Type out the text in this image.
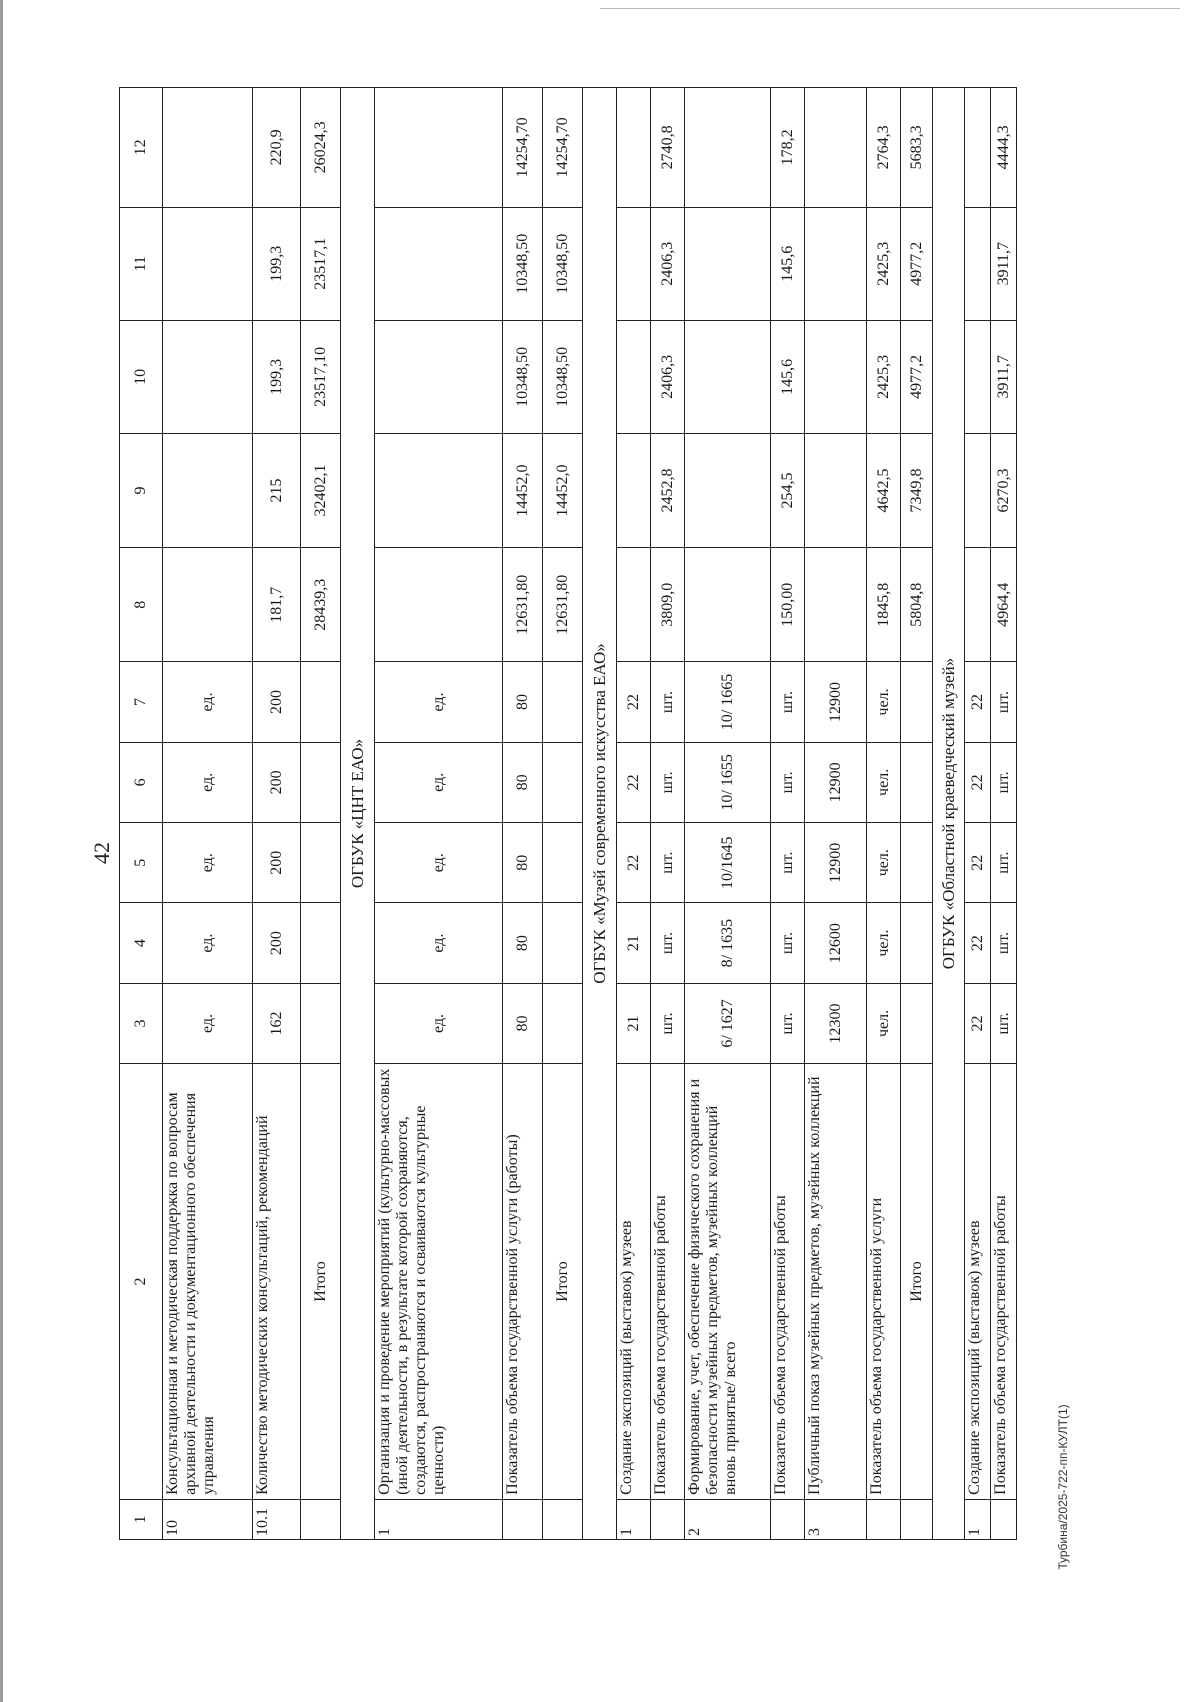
42
Турбина/2025-722-пп-КУЛТ(1)
1	2	3	4	5	6	7	8	9	10	11	12
10	Консультационная и методическая поддержка по вопросам архивной деятельности и документационного обеспечения управления	ед.	ед.	ед.	ед.	ед.					
10.1	Количество методических консультаций, рекомендаций	162	200	200	200	200	181,7	215	199,3	199,3	220,9
	Итого						28439,3	32402,1	23517,10	23517,1	26024,3
ОГБУК «ЦНТ ЕАО»											
1	Организация и проведение мероприятий (культурно-массовых (иной деятельности, в результате которой сохраняются, создаются, распространяются и осваиваются культурные ценности)	ед.	ед.	ед.	ед.	ед.					
	Показатель объема государственной услуги (работы)	80	80	80	80	80	12631,80	14452,0	10348,50	10348,50	14254,70
	Итого						12631,80	14452,0	10348,50	10348,50	14254,70
ОГБУК «Музей современного искусства ЕАО»											
1	Создание экспозиций (выставок) музеев	21	21	22	22	22					
	Показатель объема государственной работы	шт.	шт.	шт.	шт.	шт.	3809,0	2452,8	2406,3	2406,3	2740,8
2	Формирование, учет, обеспечение физического сохранения и безопасности музейных предметов, музейных коллекций вновь принятые/ всего	6/ 1627	8/ 1635	10/1645	10/ 1655	10/ 1665					
	Показатель объема государственной работы	шт.	шт.	шт.	шт.	шт.	150,00	254,5	145,6	145,6	178,2
3	Публичный показ музейных предметов, музейных коллекций	12300	12600	12900	12900	12900					
	Показатель объема государственной услуги	чел.	чел.	чел.	чел.	чел.	1845,8	4642,5	2425,3	2425,3	2764,3
	Итого						5804,8	7349,8	4977,2	4977,2	5683,3
ОГБУК «Областной краеведческий музей»											
1	Создание экспозиций (выставок) музеев	22	22	22	22	22					
	Показатель объема государственной работы	шт.	шт.	шт.	шт.	шт.	4964,4	6270,3	3911,7	3911,7	4444,3
